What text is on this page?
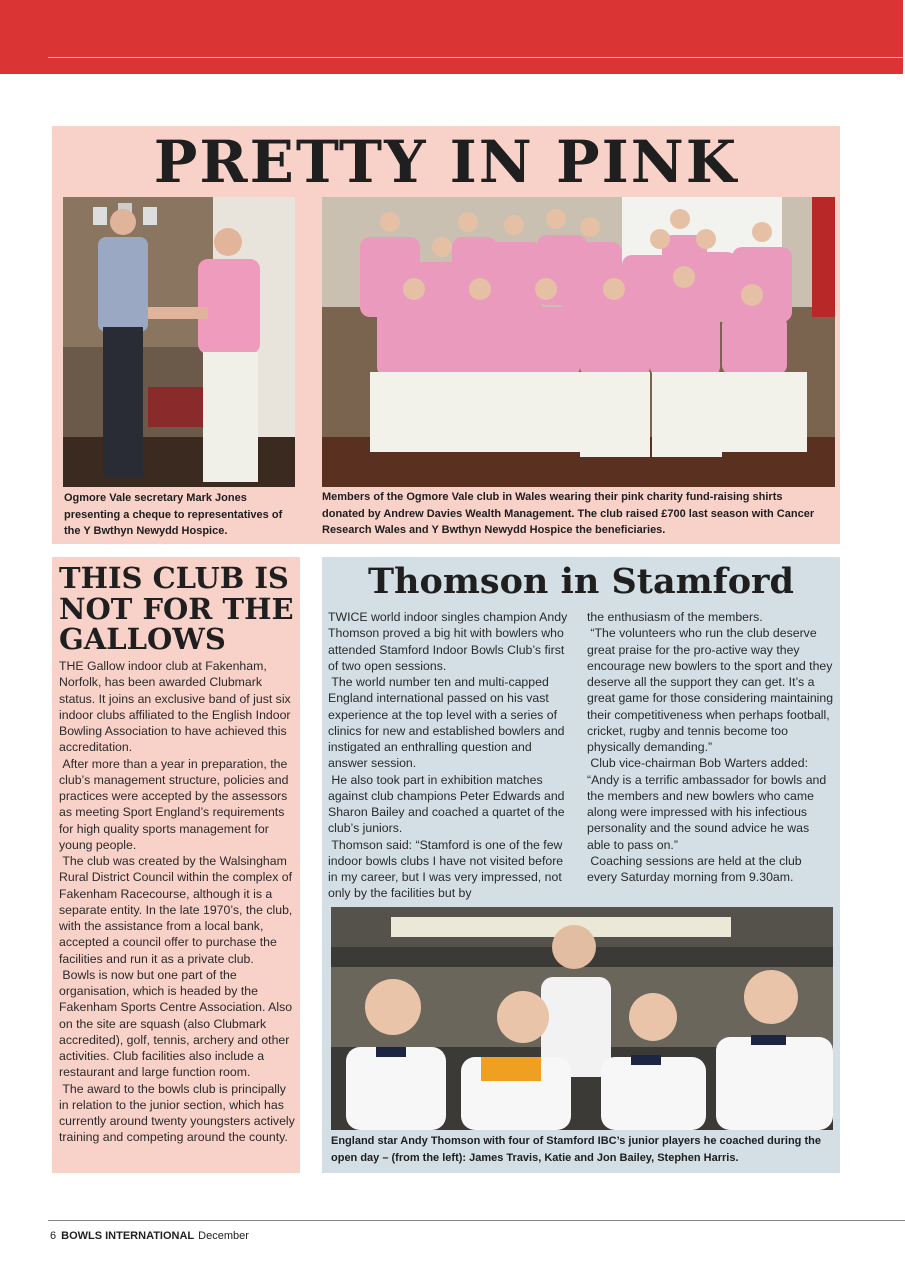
PRETTY IN PINK

Ogmore Vale secretary Mark Jones presenting a cheque to representatives of the Y Bwthyn Newydd Hospice.

Members of the Ogmore Vale club in Wales wearing their pink charity fund-raising shirts donated by Andrew Davies Wealth Management. The club raised £700 last season with Cancer Research Wales and Y Bwthyn Newydd Hospice the beneficiaries.

THIS CLUB IS NOT FOR THE GALLOWS

THE Gallow indoor club at Fakenham, Norfolk, has been awarded Clubmark status. It joins an exclusive band of just six indoor clubs affiliated to the English Indoor Bowling Association to have achieved this accreditation.

After more than a year in preparation, the club’s management structure, policies and practices were accepted by the assessors as meeting Sport England’s requirements for high quality sports management for young people.

The club was created by the Walsingham Rural District Council within the complex of Fakenham Racecourse, although it is a separate entity. In the late 1970’s, the club, with the assistance from a local bank, accepted a council offer to purchase the facilities and run it as a private club.

Bowls is now but one part of the organisation, which is headed by the Fakenham Sports Centre Association. Also on the site are squash (also Clubmark accredited), golf, tennis, archery and other activities. Club facilities also include a restaurant and large function room.

The award to the bowls club is principally in relation to the junior section, which has currently around twenty youngsters actively training and competing around the county.

Thomson in Stamford

TWICE world indoor singles champion Andy Thomson proved a big hit with bowlers who attended Stamford Indoor Bowls Club’s first of two open sessions.

The world number ten and multi-capped England international passed on his vast experience at the top level with a series of clinics for new and established bowlers and instigated an enthralling question and answer session.

He also took part in exhibition matches against club champions Peter Edwards and Sharon Bailey and coached a quartet of the club’s juniors.

Thomson said: “Stamford is one of the few indoor bowls clubs I have not visited before in my career, but I was very impressed, not only by the facilities but by

the enthusiasm of the members.

“The volunteers who run the club deserve great praise for the pro-active way they encourage new bowlers to the sport and they deserve all the support they can get. It’s a great game for those considering maintaining their competitiveness when perhaps football, cricket, rugby and tennis become too physically demanding.”

Club vice-chairman Bob Warters added: “Andy is a terrific ambassador for bowls and the members and new bowlers who came along were impressed with his infectious personality and the sound advice he was able to pass on.”

Coaching sessions are held at the club every Saturday morning from 9.30am.

England star Andy Thomson with four of Stamford IBC’s junior players he coached during the open day – (from the left): James Travis, Katie and Jon Bailey, Stephen Harris.

6 BOWLS INTERNATIONAL December
